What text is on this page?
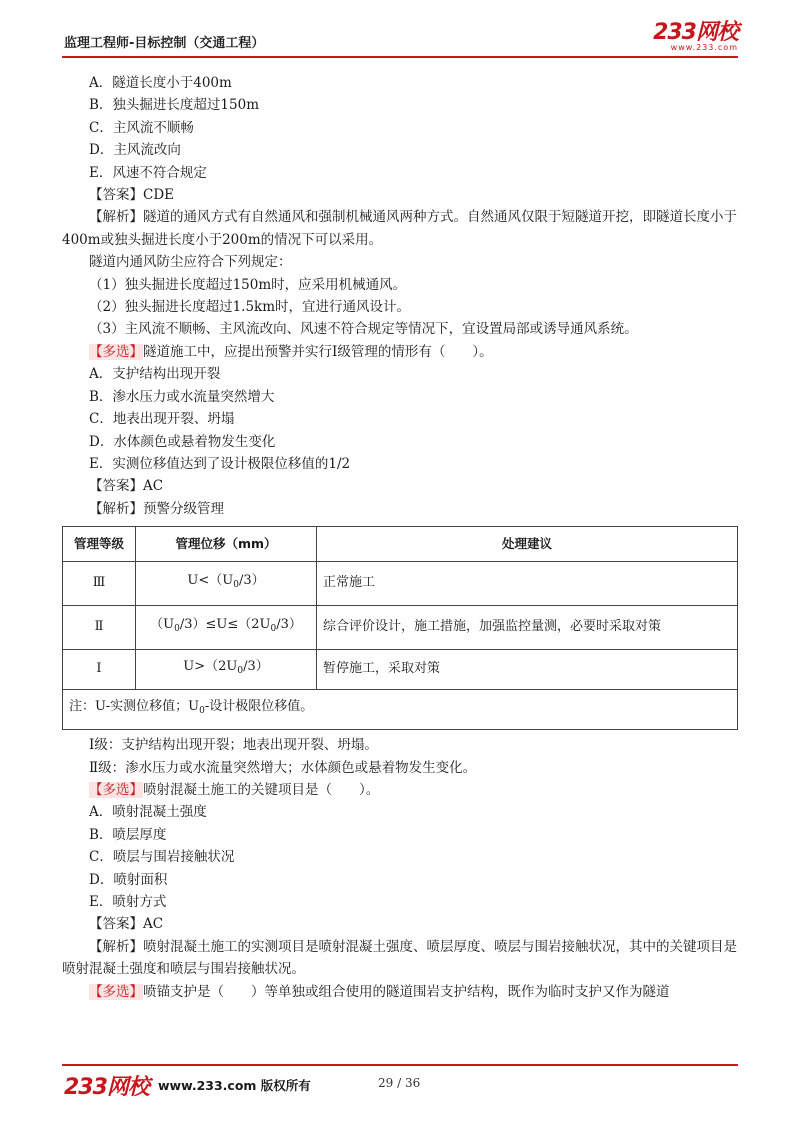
监理工程师-目标控制（交通工程）	233网校
www.233.com
A．隧道长度小于400m
B．独头掘进长度超过150m
C．主风流不顺畅
D．主风流改向
E．风速不符合规定
【答案】CDE
【解析】隧道的通风方式有自然通风和强制机械通风两种方式。自然通风仅限于短隧道开挖，即隧道长度小于400m或独头掘进长度小于200m的情况下可以采用。
隧道内通风防尘应符合下列规定：
（1）独头掘进长度超过150m时，应采用机械通风。
（2）独头掘进长度超过1.5km时，宜进行通风设计。
（3）主风流不顺畅、主风流改向、风速不符合规定等情况下，宜设置局部或诱导通风系统。
【多选】隧道施工中，应提出预警并实行Ⅰ级管理的情形有（　　）。
A．支护结构出现开裂
B．渗水压力或水流量突然增大
C．地表出现开裂、坍塌
D．水体颜色或悬着物发生变化
E．实测位移值达到了设计极限位移值的1/2
【答案】AC
【解析】预警分级管理
管理等级	管理位移（mm）	处理建议
Ⅲ	$U<(U_0/3)$	正常施工
Ⅱ	$(U_0/3)\le U\le(2U_0/3)$	综合评价设计，施工措施，加强监控量测，必要时采取对策
Ⅰ	$U>(2U_0/3)$	暂停施工，采取对策
注：U-实测位移值；$U_0-$设计极限位移值。		
Ⅰ级：支护结构出现开裂；地表出现开裂、坍塌。
Ⅱ级：渗水压力或水流量突然增大；水体颜色或悬着物发生变化。
【多选】喷射混凝土施工的关键项目是（　　）。
A．喷射混凝土强度
B．喷层厚度
C．喷层与围岩接触状况
D．喷射面积
E．喷射方式
【答案】AC
【解析】喷射混凝土施工的实测项目是喷射混凝土强度、喷层厚度、喷层与围岩接触状况，其中的关键项目是喷射混凝土强度和喷层与围岩接触状况。
【多选】喷锚支护是（　　）等单独或组合使用的隧道围岩支护结构，既作为临时支护又作为隧道
233网校 www.233.com 版权所有	29 / 36
